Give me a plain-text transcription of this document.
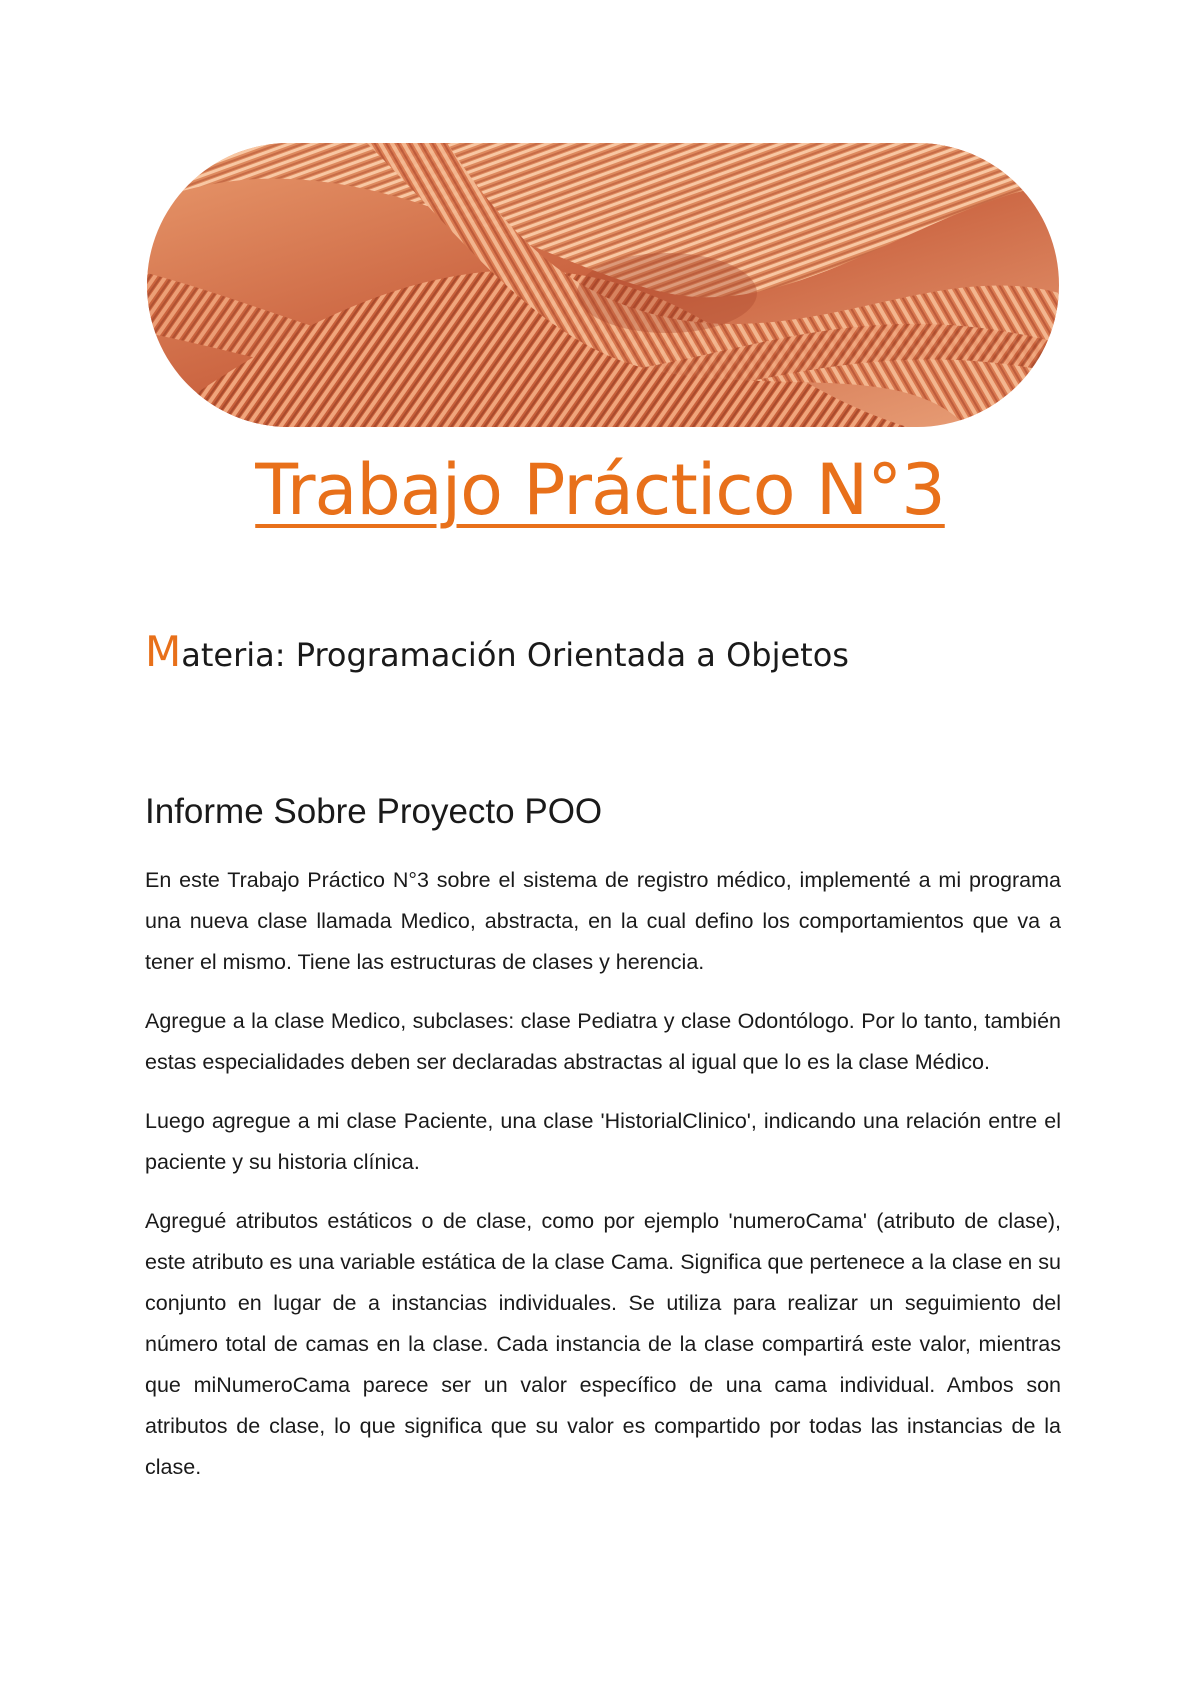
Trabajo Práctico N°3
Materia: Programación Orientada a Objetos
Informe Sobre Proyecto POO

En este Trabajo Práctico N°3 sobre el sistema de registro médico, implementé a mi programa una nueva clase llamada Medico, abstracta, en la cual defino los comportamientos que va a tener el mismo. Tiene las estructuras de clases y herencia.

Agregue a la clase Medico, subclases: clase Pediatra y clase Odontólogo. Por lo tanto, también estas especialidades deben ser declaradas abstractas al igual que lo es la clase Médico.

Luego agregue a mi clase Paciente, una clase 'HistorialClinico', indicando una relación entre el paciente y su historia clínica.

Agregué atributos estáticos o de clase, como por ejemplo 'numeroCama' (atributo de clase), este atributo es una variable estática de la clase Cama. Significa que pertenece a la clase en su conjunto en lugar de a instancias individuales. Se utiliza para realizar un seguimiento del número total de camas en la clase. Cada instancia de la clase compartirá este valor, mientras que miNumeroCama parece ser un valor específico de una cama individual. Ambos son atributos de clase, lo que significa que su valor es compartido por todas las instancias de la clase.
